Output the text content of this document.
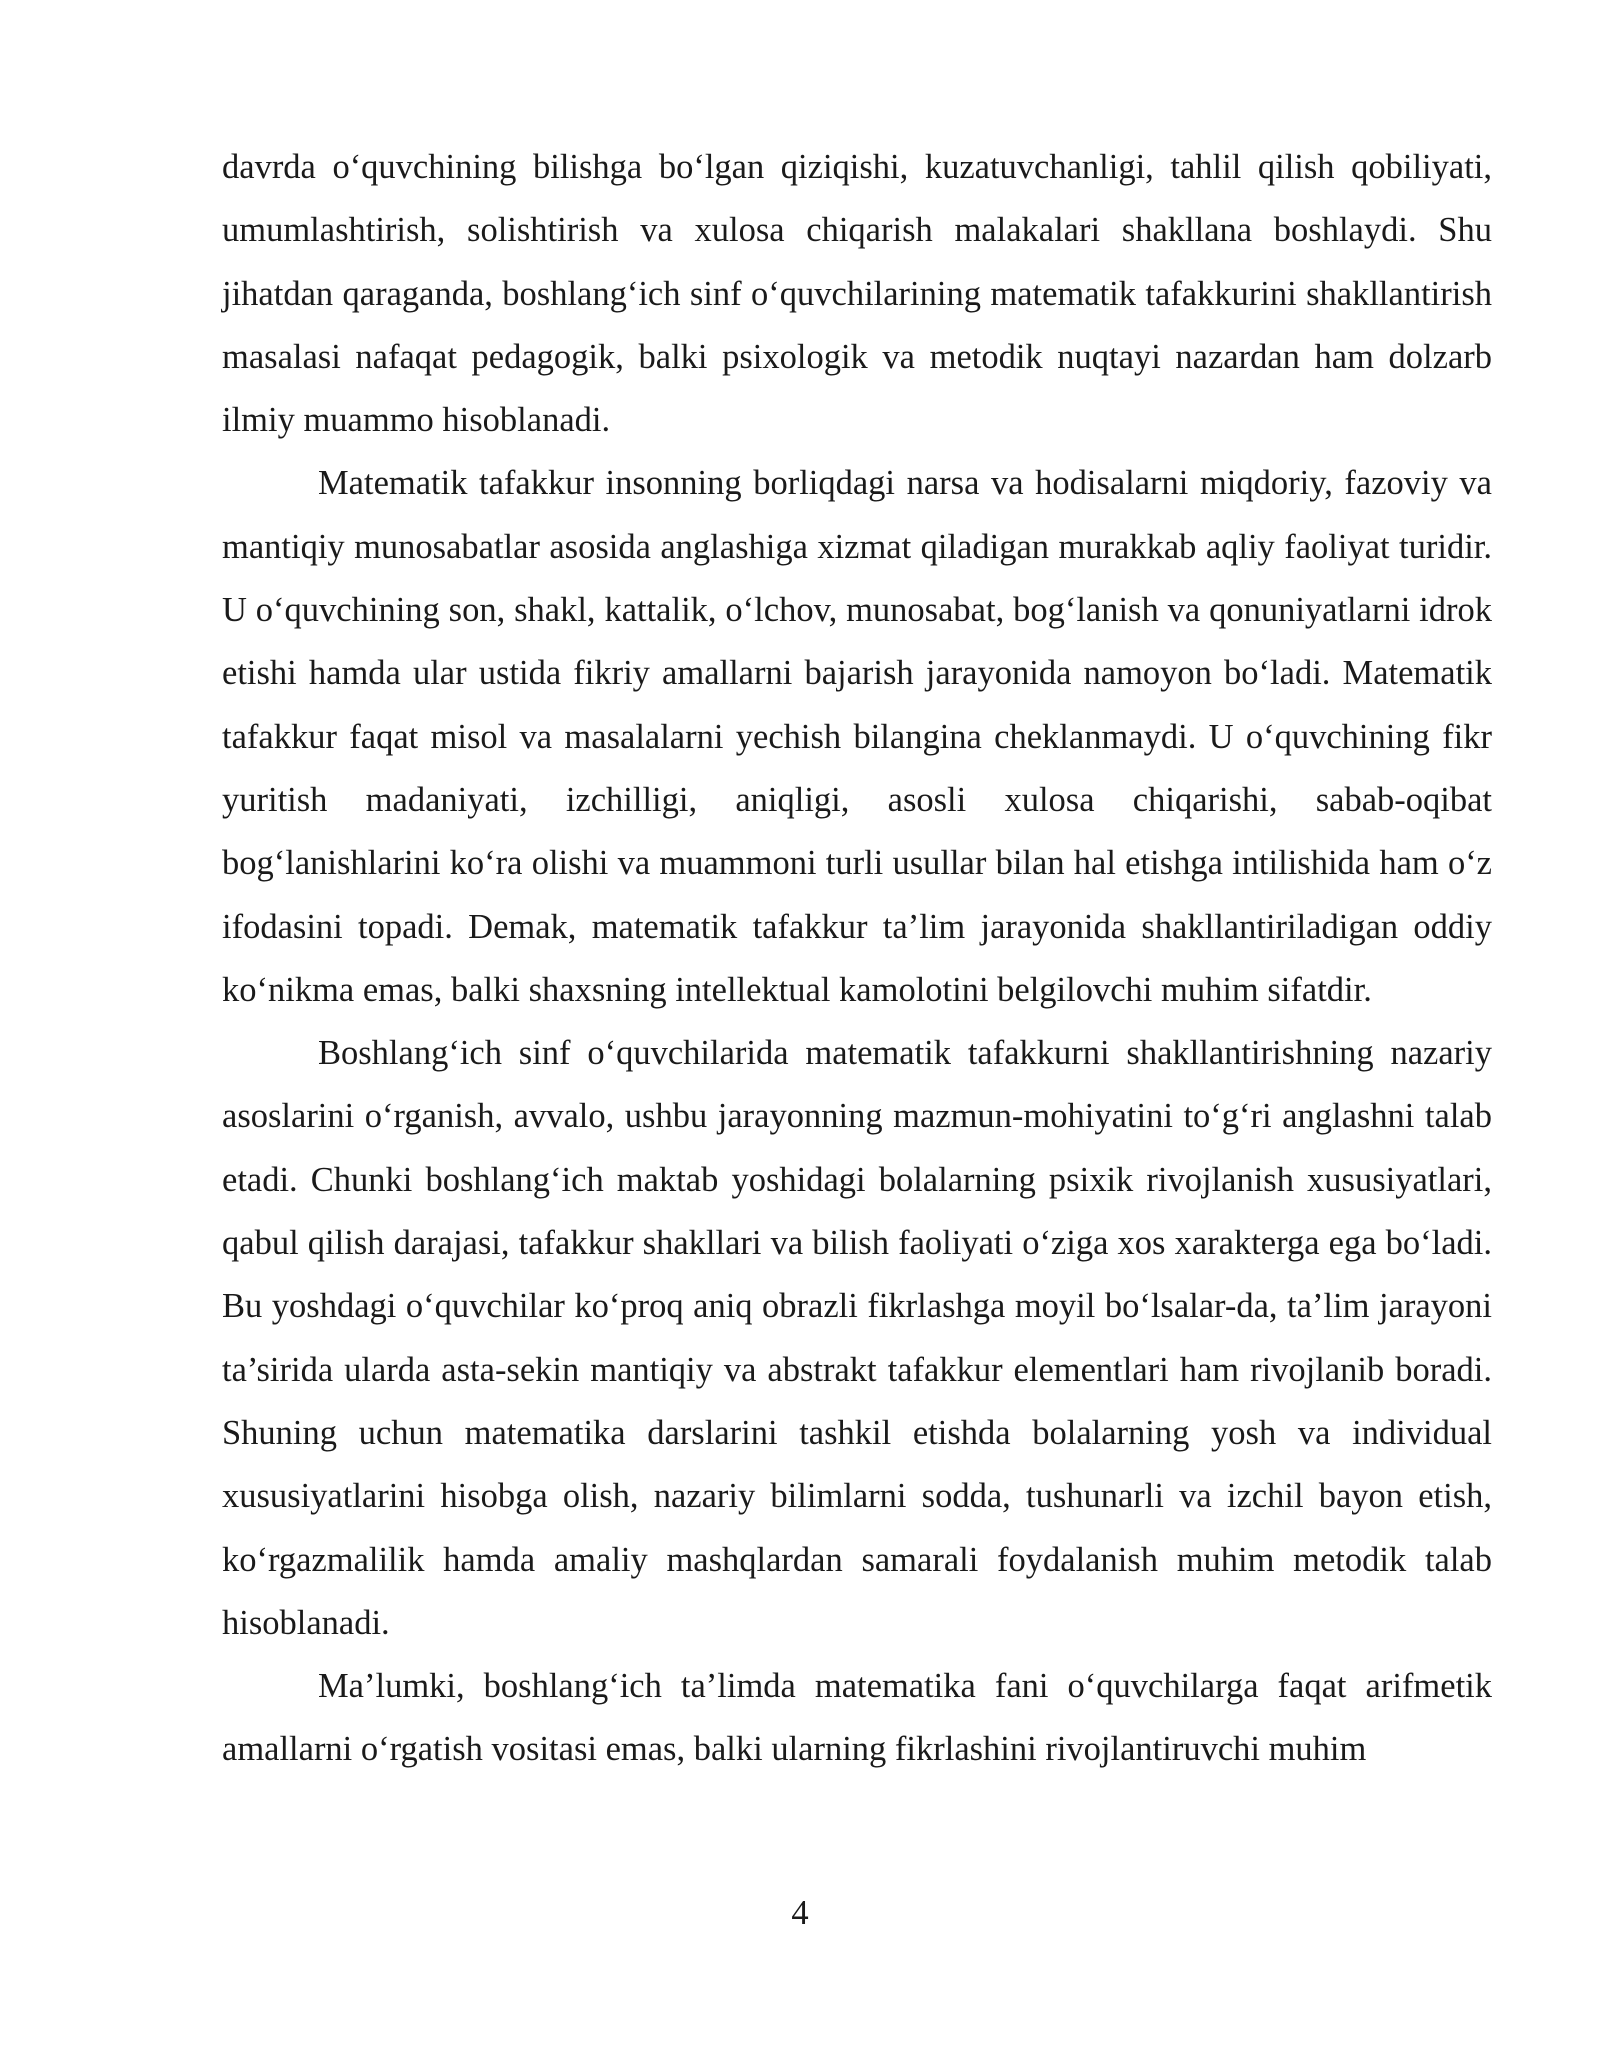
davrda o‘quvchining bilishga bo‘lgan qiziqishi, kuzatuvchanligi, tahlil qilish qobiliyati, umumlashtirish, solishtirish va xulosa chiqarish malakalari shakllana boshlaydi. Shu jihatdan qaraganda, boshlang‘ich sinf o‘quvchilarining matematik tafakkurini shakllantirish masalasi nafaqat pedagogik, balki psixologik va metodik nuqtayi nazardan ham dolzarb ilmiy muammo hisoblanadi.

Matematik tafakkur insonning borliqdagi narsa va hodisalarni miqdoriy, fazoviy va mantiqiy munosabatlar asosida anglashiga xizmat qiladigan murakkab aqliy faoliyat turidir. U o‘quvchining son, shakl, kattalik, o‘lchov, munosabat, bog‘lanish va qonuniyatlarni idrok etishi hamda ular ustida fikriy amallarni bajarish jarayonida namoyon bo‘ladi. Matematik tafakkur faqat misol va masalalarni yechish bilangina cheklanmaydi. U o‘quvchining fikr yuritish madaniyati, izchilligi, aniqligi, asosli xulosa chiqarishi, sabab-oqibat bog‘lanishlarini ko‘ra olishi va muammoni turli usullar bilan hal etishga intilishida ham o‘z ifodasini topadi. Demak, matematik tafakkur ta’lim jarayonida shakllantiriladigan oddiy ko‘nikma emas, balki shaxsning intellektual kamolotini belgilovchi muhim sifatdir.

Boshlang‘ich sinf o‘quvchilarida matematik tafakkurni shakllantirishning nazariy asoslarini o‘rganish, avvalo, ushbu jarayonning mazmun-mohiyatini to‘g‘ri anglashni talab etadi. Chunki boshlang‘ich maktab yoshidagi bolalarning psixik rivojlanish xususiyatlari, qabul qilish darajasi, tafakkur shakllari va bilish faoliyati o‘ziga xos xarakterga ega bo‘ladi. Bu yoshdagi o‘quvchilar ko‘proq aniq obrazli fikrlashga moyil bo‘lsalar-da, ta’lim jarayoni ta’sirida ularda asta-sekin mantiqiy va abstrakt tafakkur elementlari ham rivojlanib boradi. Shuning uchun matematika darslarini tashkil etishda bolalarning yosh va individual xususiyatlarini hisobga olish, nazariy bilimlarni sodda, tushunarli va izchil bayon etish, ko‘rgazmalilik hamda amaliy mashqlardan samarali foydalanish muhim metodik talab hisoblanadi.

Ma’lumki, boshlang‘ich ta’limda matematika fani o‘quvchilarga faqat arifmetik amallarni o‘rgatish vositasi emas, balki ularning fikrlashini rivojlantiruvchi muhim

4
